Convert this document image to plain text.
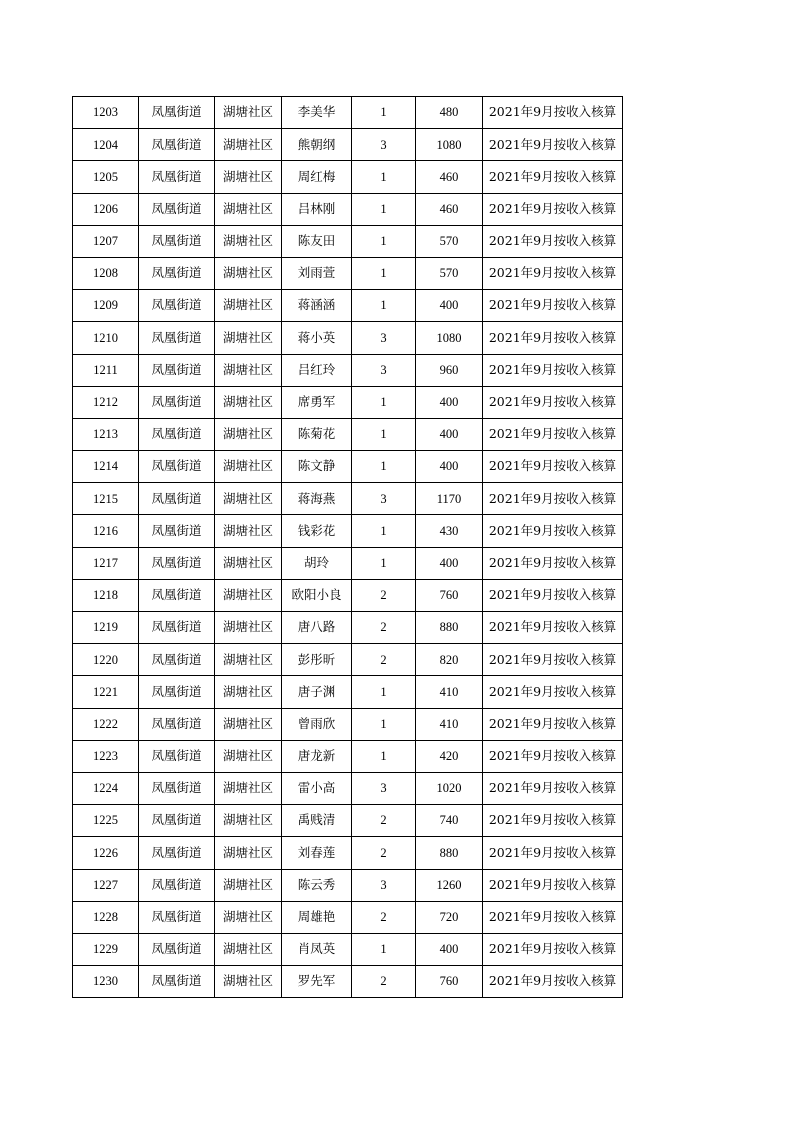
1203	凤凰街道	湖塘社区	李美华	1	480	2021年9月按收入核算
1204	凤凰街道	湖塘社区	熊朝纲	3	1080	2021年9月按收入核算
1205	凤凰街道	湖塘社区	周红梅	1	460	2021年9月按收入核算
1206	凤凰街道	湖塘社区	吕林刚	1	460	2021年9月按收入核算
1207	凤凰街道	湖塘社区	陈友田	1	570	2021年9月按收入核算
1208	凤凰街道	湖塘社区	刘雨萱	1	570	2021年9月按收入核算
1209	凤凰街道	湖塘社区	蒋涵涵	1	400	2021年9月按收入核算
1210	凤凰街道	湖塘社区	蒋小英	3	1080	2021年9月按收入核算
1211	凤凰街道	湖塘社区	吕红玲	3	960	2021年9月按收入核算
1212	凤凰街道	湖塘社区	席勇军	1	400	2021年9月按收入核算
1213	凤凰街道	湖塘社区	陈菊花	1	400	2021年9月按收入核算
1214	凤凰街道	湖塘社区	陈文静	1	400	2021年9月按收入核算
1215	凤凰街道	湖塘社区	蒋海燕	3	1170	2021年9月按收入核算
1216	凤凰街道	湖塘社区	钱彩花	1	430	2021年9月按收入核算
1217	凤凰街道	湖塘社区	胡玲	1	400	2021年9月按收入核算
1218	凤凰街道	湖塘社区	欧阳小良	2	760	2021年9月按收入核算
1219	凤凰街道	湖塘社区	唐八路	2	880	2021年9月按收入核算
1220	凤凰街道	湖塘社区	彭彤昕	2	820	2021年9月按收入核算
1221	凤凰街道	湖塘社区	唐子渊	1	410	2021年9月按收入核算
1222	凤凰街道	湖塘社区	曾雨欣	1	410	2021年9月按收入核算
1223	凤凰街道	湖塘社区	唐龙新	1	420	2021年9月按收入核算
1224	凤凰街道	湖塘社区	雷小高	3	1020	2021年9月按收入核算
1225	凤凰街道	湖塘社区	禹贱清	2	740	2021年9月按收入核算
1226	凤凰街道	湖塘社区	刘春莲	2	880	2021年9月按收入核算
1227	凤凰街道	湖塘社区	陈云秀	3	1260	2021年9月按收入核算
1228	凤凰街道	湖塘社区	周雄艳	2	720	2021年9月按收入核算
1229	凤凰街道	湖塘社区	肖凤英	1	400	2021年9月按收入核算
1230	凤凰街道	湖塘社区	罗先军	2	760	2021年9月按收入核算
